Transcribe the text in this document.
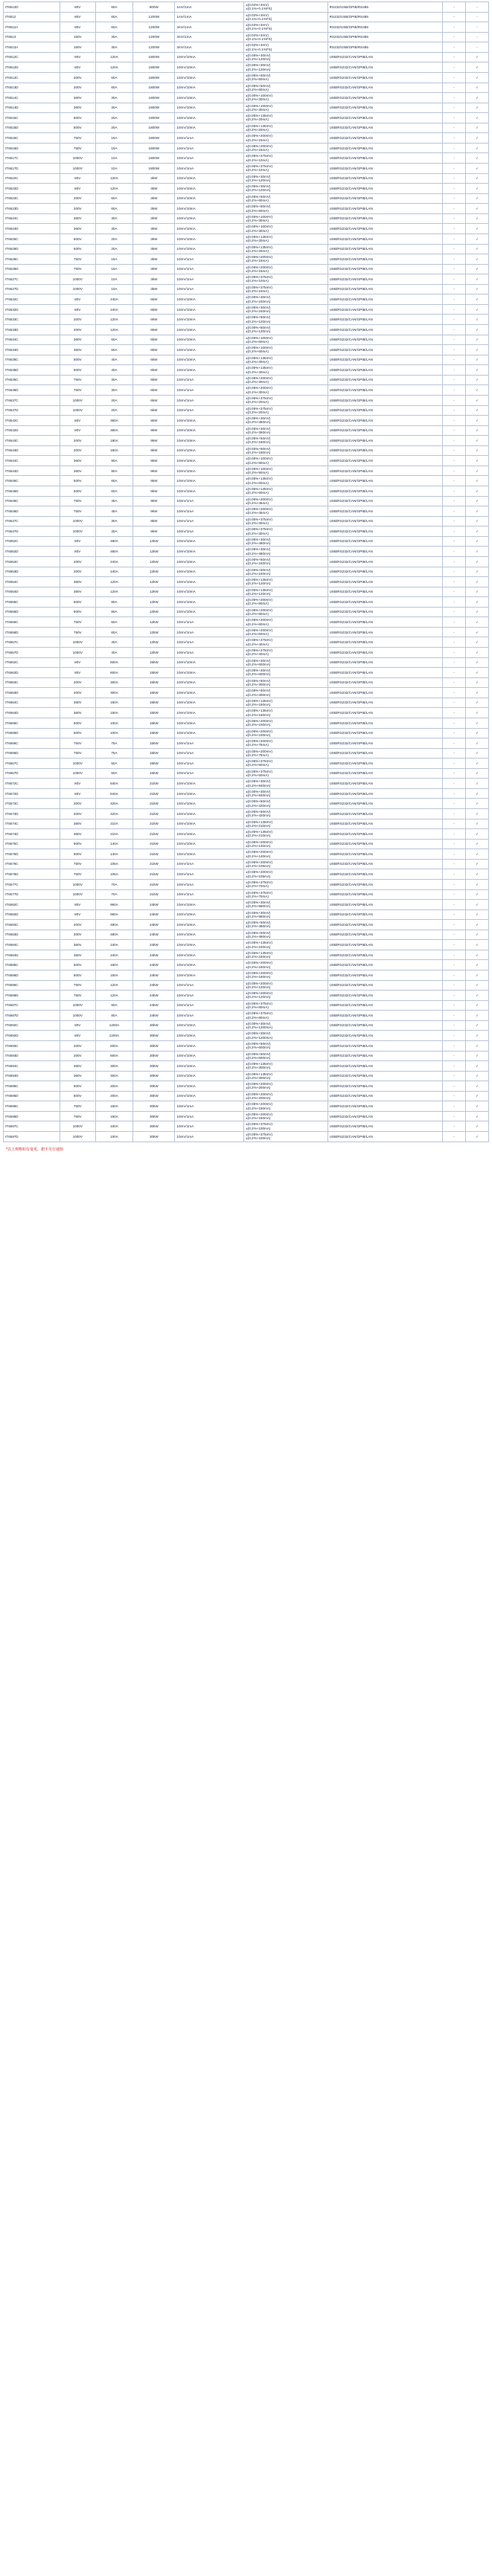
IT6512D	80V	60A	800W	1mV/1mA	±(0.02%+3mV)
±(0.1%+0.1%FS)	RS232/USB/GPIB/RS485	-	-
IT6512	80V	60A	1200W	1mV/1mA	±(0.02%+3mV)
±(0.1%+0.1%FS)	RS232/USB/GPIB/RS485	-	-
IT6512A	80V	60A	1200W	3mV/1mA	±(0.02%+3mV)
±(0.1%+0.1%FS)	RS232/USB/GPIB/RS485	-	-
IT6513	150V	30A	1200W	3mV/1mA	±(0.02%+3mV)
±(0.1%+0.1%FS)	RS232/USB/GPIB/RS485	-	-
IT6513A	150V	30A	1200W	3mV/1mA	±(0.02%+3mV)
±(0.1%+0.1%FS)	RS232/USB/GPIB/RS485	-	-
IT6512C	80V	120A	1800W	10mV/10mA	±(0.05%+30mV)
±(0.2%+120mA)	USB/RS232/CAN/GPIB/LAN	-	✓
IT6512D	80V	120A	1800W	10mV/10mA	±(0.05%+30mV)
±(0.2%+120mA)	USB/RS232/CAN/GPIB/LAN	-	✓
IT6513C	200V	60A	1800W	10mV/10mA	±(0.05%+50mV)
±(0.2%+60mA)	USB/RS232/CAN/GPIB/LAN	-	✓
IT6513D	200V	60A	1800W	10mV/10mA	±(0.05%+50mV)
±(0.2%+60mA)	USB/RS232/CAN/GPIB/LAN	-	✓
IT6514C	360V	30A	1800W	10mV/10mA	±(0.05%+100mV)
±(0.2%+30mA)	USB/RS232/CAN/GPIB/LAN	-	✓
IT6514D	360V	30A	1800W	10mV/10mA	±(0.05%+100mV)
±(0.2%+30mA)	USB/RS232/CAN/GPIB/LAN	-	✓
IT6515C	500V	20A	1800W	10mV/10mA	±(0.05%+135mV)
±(0.2%+20mA)	USB/RS232/CAN/GPIB/LAN	-	✓
IT6515D	500V	20A	1800W	10mV/10mA	±(0.05%+135mV)
±(0.2%+20mA)	USB/RS232/CAN/GPIB/LAN	-	✓
IT6516C	750V	15A	1800W	10mV/1mA	±(0.05%+200mV)
±(0.2%+15mA)	USB/RS232/CAN/GPIB/LAN	-	✓
IT6516D	750V	15A	1800W	10mV/1mA	±(0.05%+200mV)
±(0.2%+15mA)	USB/RS232/CAN/GPIB/LAN	-	✓
IT6517C	1000V	10A	1800W	10mV/1mA	±(0.05%+375mV)
±(0.2%+10mA)	USB/RS232/CAN/GPIB/LAN	-	✓
IT6517D	1000V	10A	1800W	10mV/1mA	±(0.05%+375mV)
±(0.2%+10mA)	USB/RS232/CAN/GPIB/LAN	-	✓
IT6522C	80V	120A	3kW	10mV/10mA	±(0.05%+30mV)
±(0.2%+120mA)	USB/RS232/CAN/GPIB/LAN	-	✓
IT6522D	80V	120A	3kW	10mV/10mA	±(0.05%+30mV)
±(0.2%+120mA)	USB/RS232/CAN/GPIB/LAN	-	✓
IT6523C	200V	60A	3kW	10mV/10mA	±(0.05%+50mV)
±(0.2%+60mA)	USB/RS232/CAN/GPIB/LAN	-	✓
IT6523D	200V	60A	3kW	10mV/10mA	±(0.05%+50mV)
±(0.2%+60mA)	USB/RS232/CAN/GPIB/LAN	-	✓
IT6524C	360V	30A	3kW	10mV/10mA	±(0.05%+100mV)
±(0.2%+30mA)	USB/RS232/CAN/GPIB/LAN	-	✓
IT6524D	360V	30A	3kW	10mV/10mA	±(0.05%+100mV)
±(0.2%+30mA)	USB/RS232/CAN/GPIB/LAN	-	✓
IT6525C	500V	20A	3kW	10mV/10mA	±(0.05%+135mV)
±(0.2%+20mA)	USB/RS232/CAN/GPIB/LAN	-	✓
IT6525D	500V	20A	3kW	10mV/10mA	±(0.05%+135mV)
±(0.2%+20mA)	USB/RS232/CAN/GPIB/LAN	-	✓
IT6526C	750V	15A	3kW	10mV/1mA	±(0.05%+200mV)
±(0.2%+15mA)	USB/RS232/CAN/GPIB/LAN	-	✓
IT6526D	750V	15A	3kW	10mV/1mA	±(0.05%+200mV)
±(0.2%+15mA)	USB/RS232/CAN/GPIB/LAN	-	✓
IT6527C	1000V	10A	3kW	10mV/1mA	±(0.05%+375mV)
±(0.2%+10mA)	USB/RS232/CAN/GPIB/LAN	-	✓
IT6527D	1000V	10A	3kW	10mV/1mA	±(0.05%+375mV)
±(0.2%+10mA)	USB/RS232/CAN/GPIB/LAN	-	✓
IT6532C	80V	240A	6kW	10mV/10mA	±(0.05%+30mV)
±(0.2%+240mA)	USB/RS232/CAN/GPIB/LAN	-	✓
IT6532D	80V	240A	6kW	10mV/10mA	±(0.05%+30mV)
±(0.2%+240mA)	USB/RS232/CAN/GPIB/LAN	-	✓
IT6533C	200V	120A	6kW	10mV/10mA	±(0.05%+50mV)
±(0.2%+120mA)	USB/RS232/CAN/GPIB/LAN	-	✓
IT6533D	200V	120A	6kW	10mV/10mA	±(0.05%+50mV)
±(0.2%+120mA)	USB/RS232/CAN/GPIB/LAN	-	✓
IT6534C	360V	60A	6kW	10mV/10mA	±(0.05%+100mV)
±(0.2%+60mA)	USB/RS232/CAN/GPIB/LAN	-	✓
IT6534D	360V	60A	6kW	10mV/10mA	±(0.05%+100mV)
±(0.2%+60mA)	USB/RS232/CAN/GPIB/LAN	-	✓
IT6535C	500V	40A	6kW	10mV/10mA	±(0.05%+135mV)
±(0.2%+40mA)	USB/RS232/CAN/GPIB/LAN	-	✓
IT6535D	500V	40A	6kW	10mV/10mA	±(0.05%+135mV)
±(0.2%+40mA)	USB/RS232/CAN/GPIB/LAN	-	✓
IT6536C	750V	30A	6kW	10mV/1mA	±(0.05%+200mV)
±(0.2%+30mA)	USB/RS232/CAN/GPIB/LAN	-	✓
IT6536D	750V	30A	6kW	10mV/1mA	±(0.05%+200mV)
±(0.2%+30mA)	USB/RS232/CAN/GPIB/LAN	-	✓
IT6537C	1000V	20A	6kW	10mV/1mA	±(0.05%+375mV)
±(0.2%+20mA)	USB/RS232/CAN/GPIB/LAN	-	✓
IT6537D	1000V	20A	6kW	10mV/1mA	±(0.05%+375mV)
±(0.2%+20mA)	USB/RS232/CAN/GPIB/LAN	-	✓
IT6542C	80V	360A	9kW	10mV/10mA	±(0.05%+30mV)
±(0.2%+360mA)	USB/RS232/CAN/GPIB/LAN	-	✓
IT6542D	80V	360A	9kW	10mV/10mA	±(0.05%+30mV)
±(0.2%+360mA)	USB/RS232/CAN/GPIB/LAN	-	✓
IT6543C	200V	180A	9kW	10mV/10mA	±(0.05%+50mV)
±(0.2%+180mA)	USB/RS232/CAN/GPIB/LAN	-	✓
IT6543D	200V	180A	9kW	10mV/10mA	±(0.05%+50mV)
±(0.2%+180mA)	USB/RS232/CAN/GPIB/LAN	-	✓
IT6544C	360V	90A	9kW	10mV/10mA	±(0.05%+100mV)
±(0.2%+90mA)	USB/RS232/CAN/GPIB/LAN	-	✓
IT6544D	360V	90A	9kW	10mV/10mA	±(0.05%+100mV)
±(0.2%+90mA)	USB/RS232/CAN/GPIB/LAN	-	✓
IT6545C	500V	60A	9kW	10mV/10mA	±(0.05%+135mV)
±(0.2%+60mA)	USB/RS232/CAN/GPIB/LAN	-	✓
IT6545D	500V	60A	9kW	10mV/10mA	±(0.05%+135mV)
±(0.2%+60mA)	USB/RS232/CAN/GPIB/LAN	-	✓
IT6546C	750V	45A	9kW	10mV/1mA	±(0.05%+200mV)
±(0.2%+45mA)	USB/RS232/CAN/GPIB/LAN	-	✓
IT6546D	750V	45A	9kW	10mV/1mA	±(0.05%+200mV)
±(0.2%+45mA)	USB/RS232/CAN/GPIB/LAN	-	✓
IT6547C	1000V	30A	9kW	10mV/1mA	±(0.05%+375mV)
±(0.2%+30mA)	USB/RS232/CAN/GPIB/LAN	-	✓
IT6547D	1000V	30A	9kW	10mV/1mA	±(0.05%+375mV)
±(0.2%+30mA)	USB/RS232/CAN/GPIB/LAN	-	✓
IT6552C	80V	480A	12kW	10mV/10mA	±(0.05%+30mV)
±(0.2%+480mA)	USB/RS232/CAN/GPIB/LAN	-	✓
IT6552D	80V	480A	12kW	10mV/10mA	±(0.05%+30mV)
±(0.2%+480mA)	USB/RS232/CAN/GPIB/LAN	-	✓
IT6553C	200V	240A	12kW	10mV/10mA	±(0.05%+50mV)
±(0.2%+240mA)	USB/RS232/CAN/GPIB/LAN	-	✓
IT6553D	200V	240A	12kW	10mV/10mA	±(0.05%+50mV)
±(0.2%+240mA)	USB/RS232/CAN/GPIB/LAN	-	✓
IT6554C	360V	120A	12kW	10mV/10mA	±(0.05%+135mV)
±(0.2%+120mA)	USB/RS232/CAN/GPIB/LAN	-	✓
IT6554D	360V	120A	12kW	10mV/10mA	±(0.05%+135mV)
±(0.2%+120mA)	USB/RS232/CAN/GPIB/LAN	-	✓
IT6555C	500V	80A	12kW	10mV/10mA	±(0.05%+200mV)
±(0.2%+80mA)	USB/RS232/CAN/GPIB/LAN	-	✓
IT6555D	500V	80A	12kW	10mV/10mA	±(0.05%+200mV)
±(0.2%+80mA)	USB/RS232/CAN/GPIB/LAN	-	✓
IT6556C	750V	60A	12kW	10mV/1mA	±(0.05%+200mV)
±(0.2%+60mA)	USB/RS232/CAN/GPIB/LAN	-	✓
IT6556D	750V	60A	12kW	10mV/1mA	±(0.05%+200mV)
±(0.2%+60mA)	USB/RS232/CAN/GPIB/LAN	-	✓
IT6557C	1000V	40A	12kW	10mV/1mA	±(0.05%+375mV)
±(0.2%+40mA)	USB/RS232/CAN/GPIB/LAN	-	✓
IT6557D	1000V	40A	12kW	10mV/1mA	±(0.05%+375mV)
±(0.2%+40mA)	USB/RS232/CAN/GPIB/LAN	-	✓
IT6562C	80V	600A	15kW	10mV/10mA	±(0.05%+30mV)
±(0.2%+600mA)	USB/RS232/CAN/GPIB/LAN	-	✓
IT6562D	80V	600A	15kW	10mV/10mA	±(0.05%+30mV)
±(0.2%+600mA)	USB/RS232/CAN/GPIB/LAN	-	✓
IT6563C	200V	300A	15kW	10mV/10mA	±(0.05%+50mV)
±(0.2%+300mA)	USB/RS232/CAN/GPIB/LAN	-	✓
IT6563D	200V	300A	15kW	10mV/10mA	±(0.05%+50mV)
±(0.2%+300mA)	USB/RS232/CAN/GPIB/LAN	-	✓
IT6564C	360V	150A	15kW	10mV/10mA	±(0.05%+135mV)
±(0.2%+150mA)	USB/RS232/CAN/GPIB/LAN	-	✓
IT6564D	360V	150A	15kW	10mV/10mA	±(0.05%+135mV)
±(0.2%+150mA)	USB/RS232/CAN/GPIB/LAN	-	✓
IT6565C	500V	100A	15kW	10mV/10mA	±(0.05%+200mV)
±(0.2%+100mA)	USB/RS232/CAN/GPIB/LAN	-	✓
IT6565D	500V	100A	15kW	10mV/10mA	±(0.05%+200mV)
±(0.2%+100mA)	USB/RS232/CAN/GPIB/LAN	-	✓
IT6566C	750V	75A	15kW	10mV/1mA	±(0.05%+200mV)
±(0.2%+75mA)	USB/RS232/CAN/GPIB/LAN	-	✓
IT6566D	750V	75A	15kW	10mV/1mA	±(0.05%+200mV)
±(0.2%+75mA)	USB/RS232/CAN/GPIB/LAN	-	✓
IT6567C	1000V	50A	15kW	10mV/1mA	±(0.05%+375mV)
±(0.2%+50mA)	USB/RS232/CAN/GPIB/LAN	-	✓
IT6567D	1000V	50A	15kW	10mV/1mA	±(0.05%+375mV)
±(0.2%+50mA)	USB/RS232/CAN/GPIB/LAN	-	✓
IT6572C	80V	840A	21kW	10mV/10mA	±(0.05%+30mV)
±(0.2%+840mA)	USB/RS232/CAN/GPIB/LAN	-	✓
IT6572D	80V	840A	21kW	10mV/10mA	±(0.05%+30mV)
±(0.2%+840mA)	USB/RS232/CAN/GPIB/LAN	-	✓
IT6573C	200V	420A	21kW	10mV/10mA	±(0.05%+50mV)
±(0.2%+420mA)	USB/RS232/CAN/GPIB/LAN	-	✓
IT6573D	200V	420A	21kW	10mV/10mA	±(0.05%+50mV)
±(0.2%+420mA)	USB/RS232/CAN/GPIB/LAN	-	✓
IT6574C	360V	210A	21kW	10mV/10mA	±(0.05%+135mV)
±(0.2%+210mA)	USB/RS232/CAN/GPIB/LAN	-	✓
IT6574D	360V	210A	21kW	10mV/10mA	±(0.05%+135mV)
±(0.2%+210mA)	USB/RS232/CAN/GPIB/LAN	-	✓
IT6575C	500V	140A	21kW	10mV/10mA	±(0.05%+200mV)
±(0.2%+140mA)	USB/RS232/CAN/GPIB/LAN	-	✓
IT6575D	500V	140A	21kW	10mV/10mA	±(0.05%+200mV)
±(0.2%+140mA)	USB/RS232/CAN/GPIB/LAN	-	✓
IT6576C	750V	105A	21kW	10mV/1mA	±(0.05%+200mV)
±(0.2%+105mA)	USB/RS232/CAN/GPIB/LAN	-	✓
IT6576D	750V	105A	21kW	10mV/1mA	±(0.05%+200mV)
±(0.2%+105mA)	USB/RS232/CAN/GPIB/LAN	-	✓
IT6577C	1000V	70A	21kW	10mV/1mA	±(0.05%+375mV)
±(0.2%+70mA)	USB/RS232/CAN/GPIB/LAN	-	✓
IT6577D	1000V	70A	21kW	10mV/1mA	±(0.05%+375mV)
±(0.2%+70mA)	USB/RS232/CAN/GPIB/LAN	-	✓
IT6582C	80V	960A	24kW	10mV/10mA	±(0.05%+30mV)
±(0.2%+960mA)	USB/RS232/CAN/GPIB/LAN	-	✓
IT6582D	80V	960A	24kW	10mV/10mA	±(0.05%+30mV)
±(0.2%+960mA)	USB/RS232/CAN/GPIB/LAN	-	✓
IT6583C	200V	480A	24kW	10mV/10mA	±(0.05%+50mV)
±(0.2%+480mA)	USB/RS232/CAN/GPIB/LAN	-	✓
IT6583D	200V	480A	24kW	10mV/10mA	±(0.05%+50mV)
±(0.2%+480mA)	USB/RS232/CAN/GPIB/LAN	-	✓
IT6584C	360V	240A	24kW	10mV/10mA	±(0.05%+135mV)
±(0.2%+240mA)	USB/RS232/CAN/GPIB/LAN	-	✓
IT6584D	360V	240A	24kW	10mV/10mA	±(0.05%+135mV)
±(0.2%+240mA)	USB/RS232/CAN/GPIB/LAN	-	✓
IT6585C	500V	160A	24kW	10mV/10mA	±(0.05%+200mV)
±(0.2%+160mA)	USB/RS232/CAN/GPIB/LAN	-	✓
IT6585D	500V	160A	24kW	10mV/10mA	±(0.05%+200mV)
±(0.2%+160mA)	USB/RS232/CAN/GPIB/LAN	-	✓
IT6586C	750V	120A	24kW	10mV/1mA	±(0.05%+200mV)
±(0.2%+120mA)	USB/RS232/CAN/GPIB/LAN	-	✓
IT6586D	750V	120A	24kW	10mV/1mA	±(0.05%+200mV)
±(0.2%+120mA)	USB/RS232/CAN/GPIB/LAN	-	✓
IT6587C	1000V	80A	24kW	10mV/1mA	±(0.05%+375mV)
±(0.2%+80mA)	USB/RS232/CAN/GPIB/LAN	-	✓
IT6587D	1000V	80A	24kW	10mV/1mA	±(0.05%+375mV)
±(0.2%+80mA)	USB/RS232/CAN/GPIB/LAN	-	✓
IT6592C	80V	1200A	30kW	10mV/10mA	±(0.05%+30mV)
±(0.2%+1200mA)	USB/RS232/CAN/GPIB/LAN	-	✓
IT6592D	80V	1200A	30kW	10mV/10mA	±(0.05%+30mV)
±(0.2%+1200mA)	USB/RS232/CAN/GPIB/LAN	-	✓
IT6593C	200V	600A	30kW	10mV/10mA	±(0.05%+50mV)
±(0.2%+600mA)	USB/RS232/CAN/GPIB/LAN	-	✓
IT6593D	200V	600A	30kW	10mV/10mA	±(0.05%+50mV)
±(0.2%+600mA)	USB/RS232/CAN/GPIB/LAN	-	✓
IT6594C	360V	300A	30kW	10mV/10mA	±(0.05%+135mV)
±(0.2%+300mA)	USB/RS232/CAN/GPIB/LAN	-	✓
IT6594D	360V	300A	30kW	10mV/10mA	±(0.05%+135mV)
±(0.2%+300mA)	USB/RS232/CAN/GPIB/LAN	-	✓
IT6595C	500V	200A	30kW	10mV/10mA	±(0.05%+200mV)
±(0.2%+200mA)	USB/RS232/CAN/GPIB/LAN	-	✓
IT6595D	500V	200A	30kW	10mV/10mA	±(0.05%+200mV)
±(0.2%+200mA)	USB/RS232/CAN/GPIB/LAN	-	✓
IT6596C	750V	150A	30kW	10mV/1mA	±(0.05%+200mV)
±(0.2%+150mA)	USB/RS232/CAN/GPIB/LAN	-	✓
IT6596D	750V	150A	30kW	10mV/1mA	±(0.05%+200mV)
±(0.2%+150mA)	USB/RS232/CAN/GPIB/LAN	-	✓
IT6597C	1000V	100A	30kW	10mV/1mA	±(0.05%+375mV)
±(0.2%+100mA)	USB/RS232/CAN/GPIB/LAN	-	✓
IT6597D	1000V	100A	30kW	10mV/1mA	±(0.05%+375mV)
±(0.2%+100mA)	USB/RS232/CAN/GPIB/LAN	-	✓
*以上规格如有变更，恕不另行通知
